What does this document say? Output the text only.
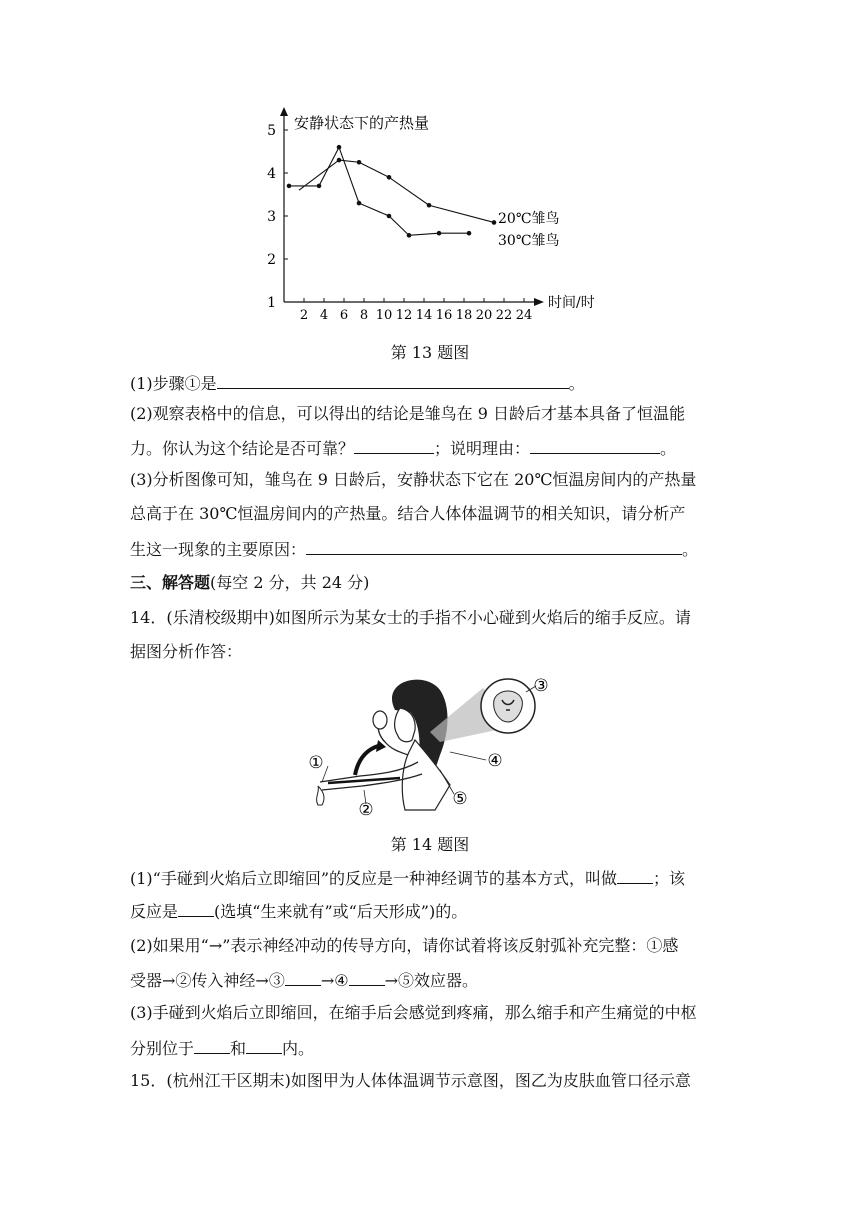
1
2
3
4
5
2 4 6 8 10 12 14 16 18 20 22 24
安静状态下的产热量
时间/时
20℃雏鸟
30℃雏鸟
第 13 题图
(1)步骤①是	。
(2)观察表格中的信息，可以得出的结论是雏鸟在 9 日龄后才基本具备了恒温能
力。你认为这个结论是否可靠？	；说明理由：	。
(3)分析图像可知，雏鸟在 9 日龄后，安静状态下它在 20℃恒温房间内的产热量
总高于在 30℃恒温房间内的产热量。结合人体体温调节的相关知识，请分析产
生这一现象的主要原因：	。
三、解答题(每空 2 分，共 24 分)
14．(乐清校级期中)如图所示为某女士的手指不小心碰到火焰后的缩手反应。请
据图分析作答：
①
②
③
④
⑤
第 14 题图
(1)“手碰到火焰后立即缩回”的反应是一种神经调节的基本方式，叫做 ；该
反应是 (选填“生来就有”或“后天形成”)的。
(2)如果用“→”表示神经冲动的传导方向，请你试着将该反射弧补充完整：①感
受器→②传入神经→③ →④ →⑤效应器。
(3)手碰到火焰后立即缩回，在缩手后会感觉到疼痛，那么缩手和产生痛觉的中枢
分别位于 和 内。
15．(杭州江干区期末)如图甲为人体体温调节示意图，图乙为皮肤血管口径示意
